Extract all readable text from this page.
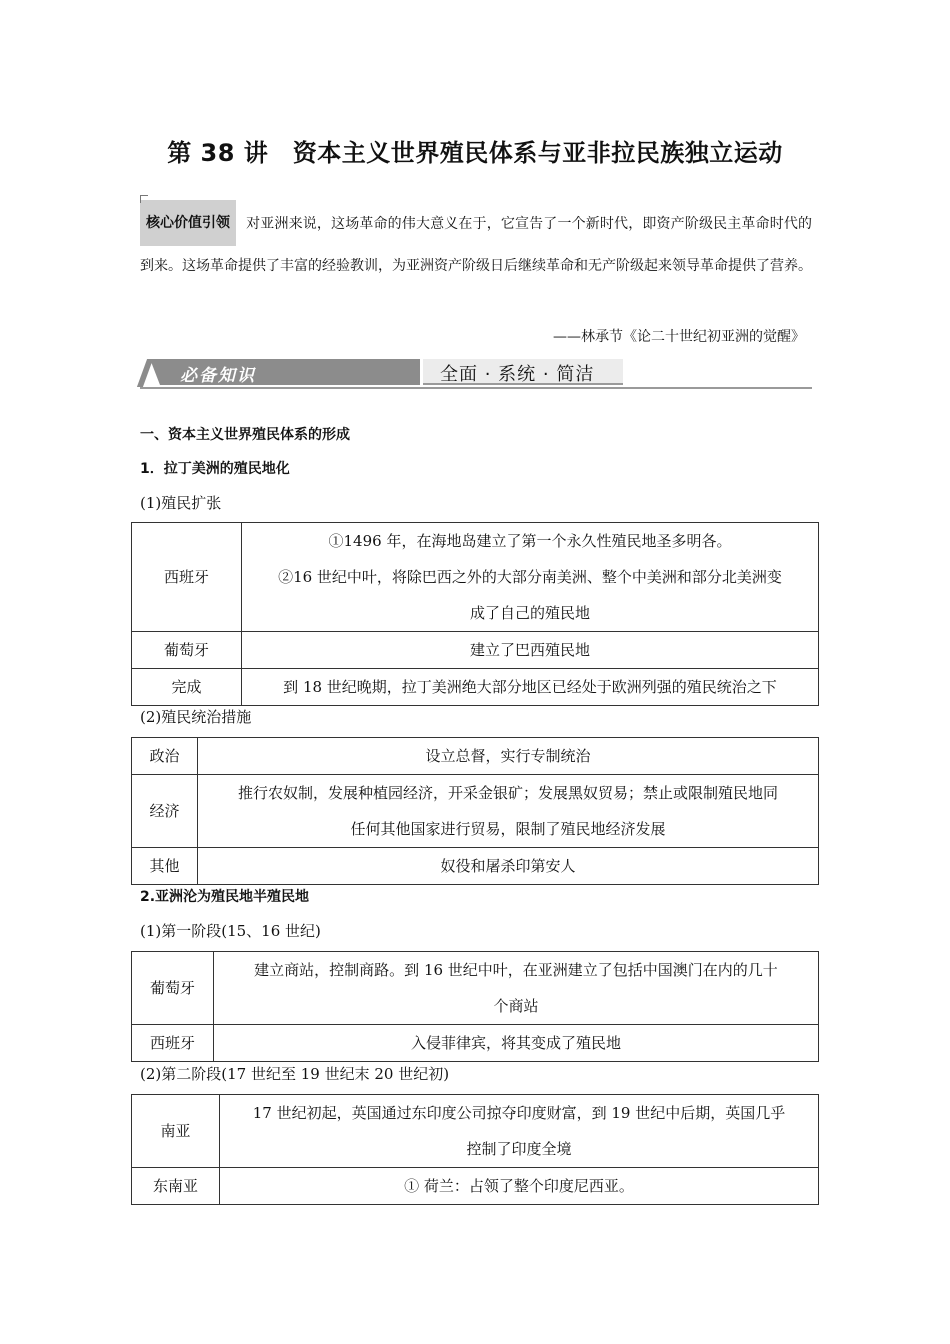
第 38 讲　资本主义世界殖民体系与亚非拉民族独立运动

核心价值引领 对亚洲来说，这场革命的伟大意义在于，它宣告了一个新时代，即资产阶级民主革命时代的到来。这场革命提供了丰富的经验教训，为亚洲资产阶级日后继续革命和无产阶级起来领导革命提供了营养。

——林承节《论二十世纪初亚洲的觉醒》
必备知识	全面 · 系统 · 简洁
一、资本主义世界殖民体系的形成
1．拉丁美洲的殖民地化
(1)殖民扩张
西班牙	①1496 年，在海地岛建立了第一个永久性殖民地圣多明各。
②16 世纪中叶，将除巴西之外的大部分南美洲、整个中美洲和部分北美洲变
成了自己的殖民地

葡萄牙	建立了巴西殖民地
完成	到 18 世纪晚期，拉丁美洲绝大部分地区已经处于欧洲列强的殖民统治之下
(2)殖民统治措施
政治	设立总督，实行专制统治
经济	推行农奴制，发展种植园经济，开采金银矿；发展黑奴贸易；禁止或限制殖民地同
任何其他国家进行贸易，限制了殖民地经济发展

其他	奴役和屠杀印第安人
2.亚洲沦为殖民地半殖民地
(1)第一阶段(15、16 世纪)
葡萄牙	建立商站，控制商路。到 16 世纪中叶，在亚洲建立了包括中国澳门在内的几十
个商站

西班牙	入侵菲律宾，将其变成了殖民地
(2)第二阶段(17 世纪至 19 世纪末 20 世纪初)
南亚	17 世纪初起，英国通过东印度公司掠夺印度财富，到 19 世纪中后期，英国几乎
控制了印度全境

东南亚	① 荷兰：占领了整个印度尼西亚。
